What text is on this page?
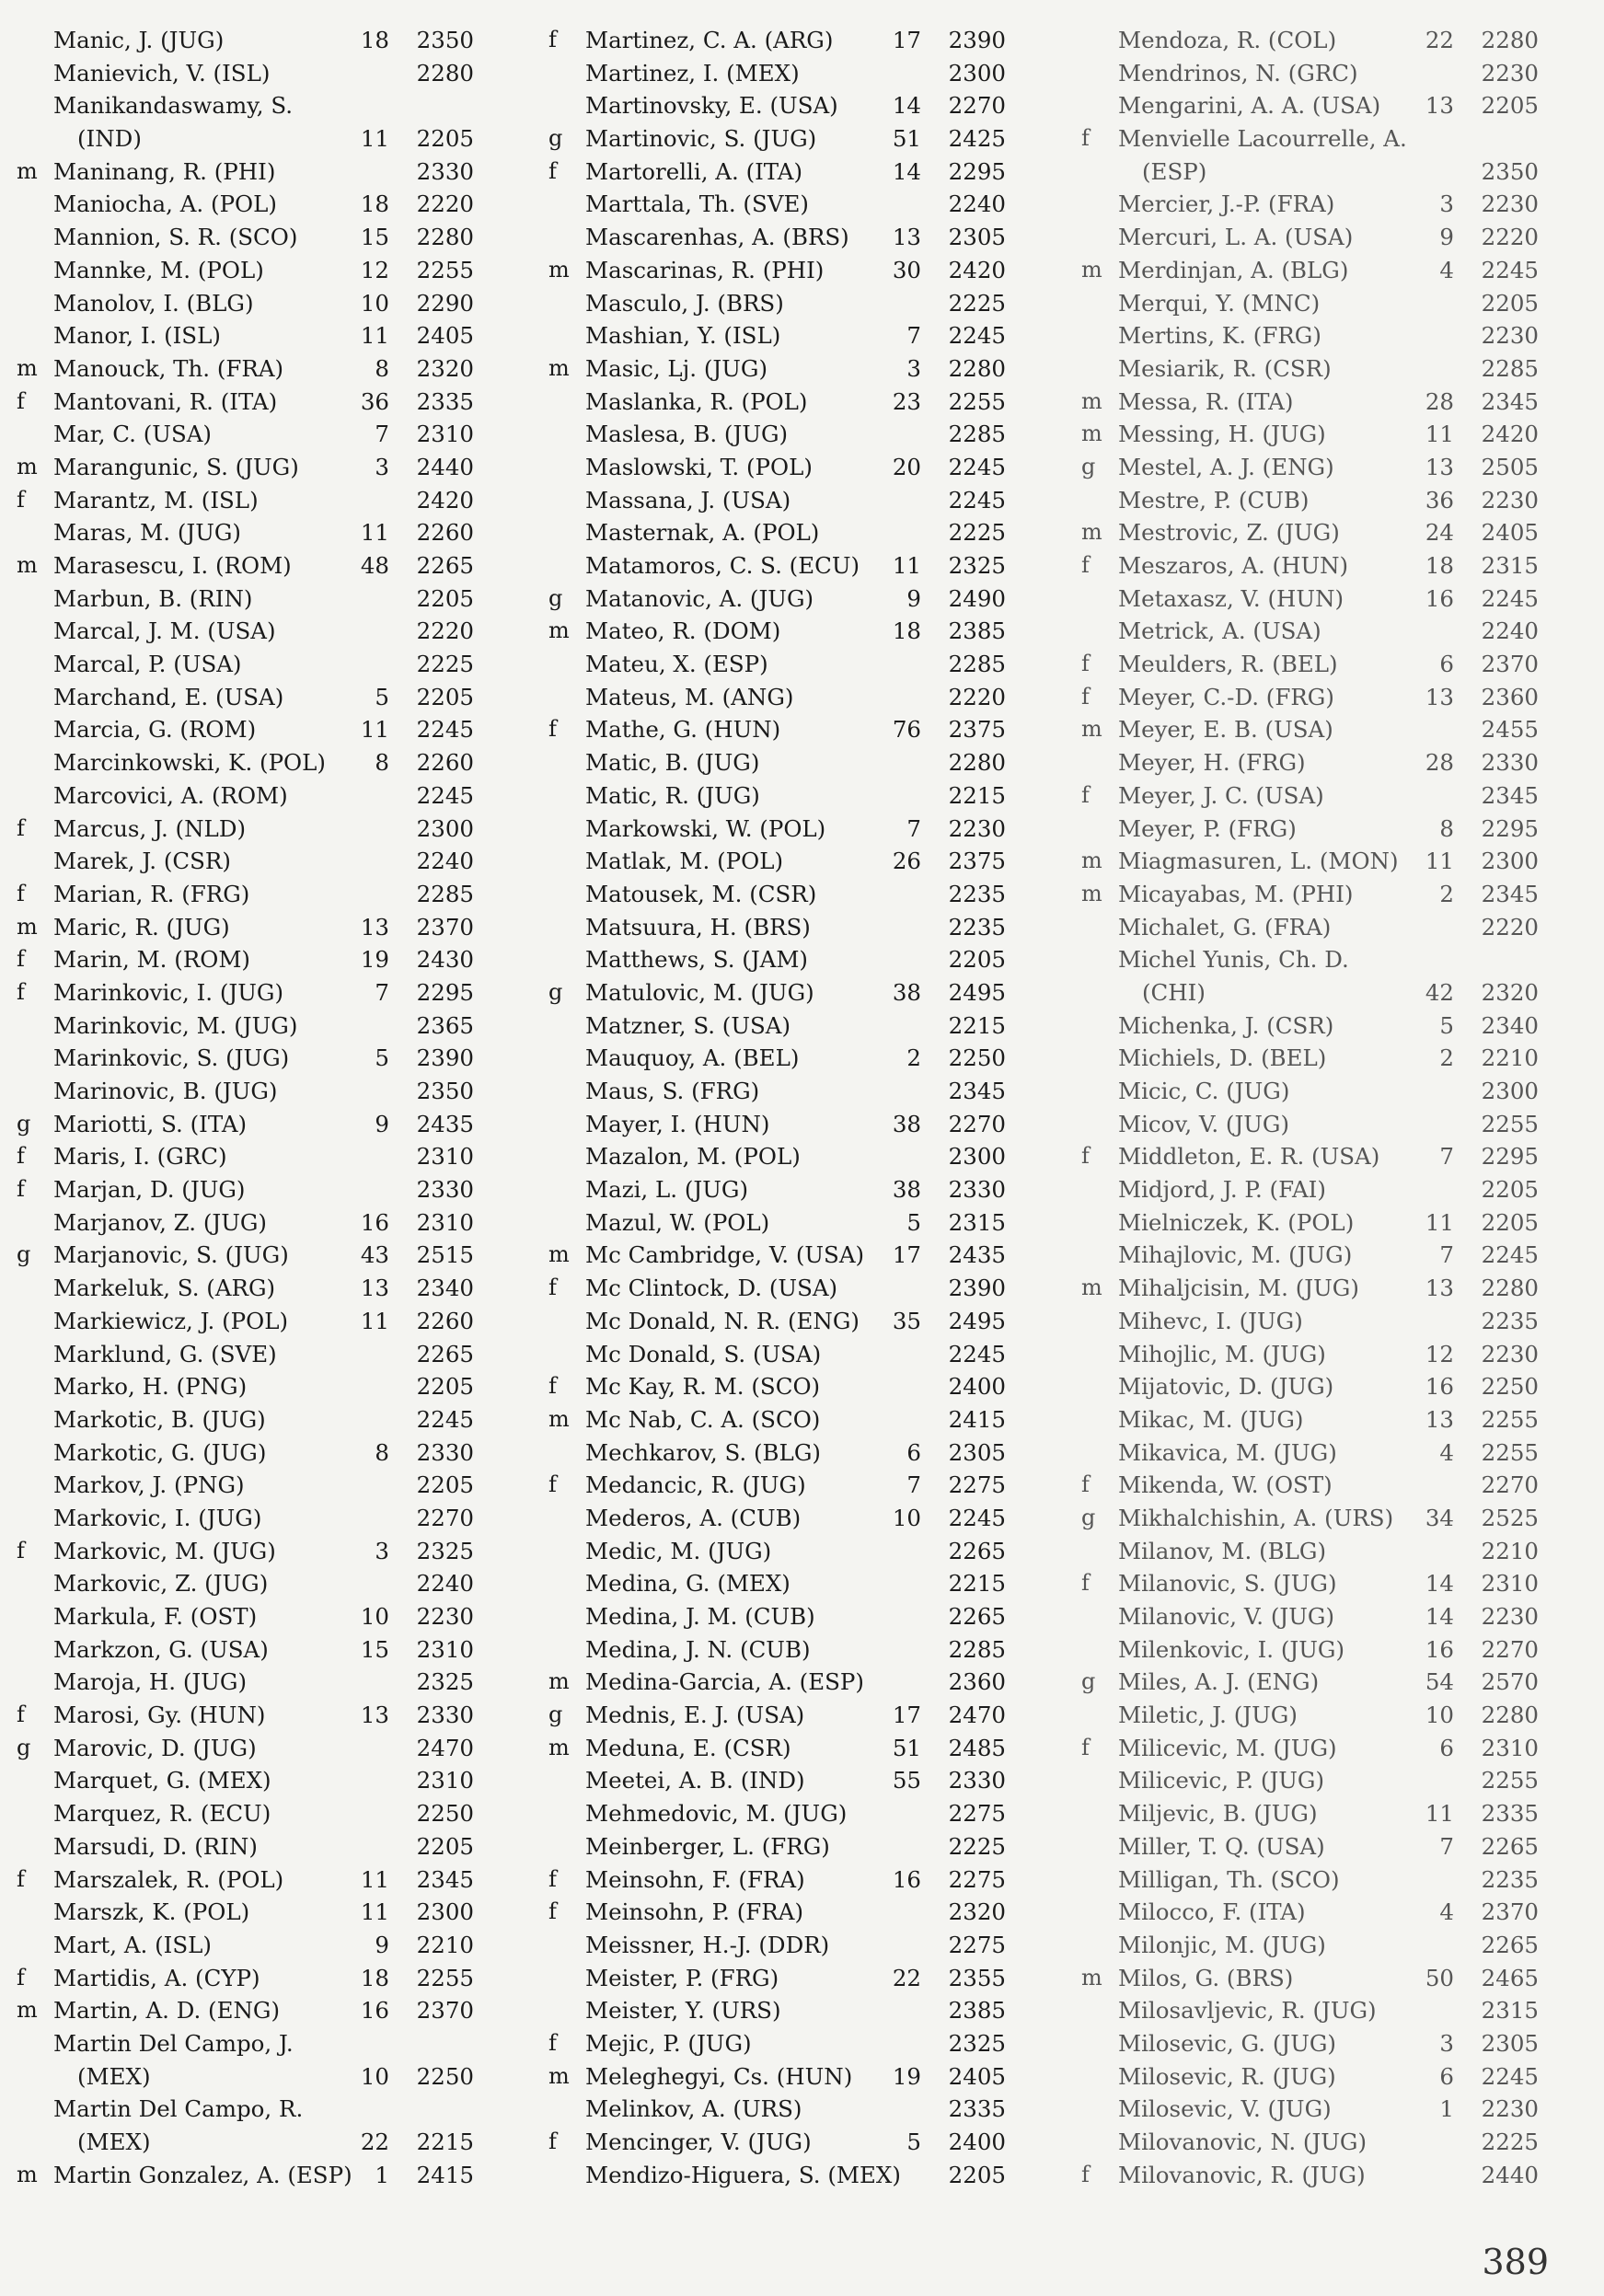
Manic, J. (JUG)	18	2350
Manievich, V. (ISL)	2280
Manikandaswamy, S.
(IND)	11	2205
m Maninang, R. (PHI)	2330
Maniocha, A. (POL)	18	2220
Mannion, S. R. (SCO)	15	2280
Mannke, M. (POL)	12	2255
Manolov, I. (BLG)	10	2290
Manor, I. (ISL)	11	2405
m Manouck, Th. (FRA)	8	2320
f	Mantovani, R. (ITA)	36	2335
Mar, C. (USA)	7	2310
m Marangunic, S. (JUG)	3	2440
f	Marantz, M. (ISL)	2420
Maras, M. (JUG)	11	2260
m Marasescu, I. (ROM)	48	2265
Marbun, B. (RIN)	2205
Marcal, J. M. (USA)	2220
Marcal, P. (USA)	2225
Marchand, E. (USA)	5	2205
Marcia, G. (ROM)	11	2245
Marcinkowski, K. (POL)	8	2260
Marcovici, A. (ROM)	2245
f	Marcus, J. (NLD)	2300
Marek, J. (CSR)	2240
f	Marian, R. (FRG)	2285
m Maric, R. (JUG)	13	2370
f	Marin, M. (ROM)	19	2430
f	Marinkovic, I. (JUG)	7	2295
Marinkovic, M. (JUG)	2365
Marinkovic, S. (JUG)	5	2390
Marinovic, B. (JUG)	2350
g	Mariotti, S. (ITA)	9	2435
f	Maris, I. (GRC)	2310
f	Marjan, D. (JUG)	2330
Marjanov, Z. (JUG)	16	2310
g	Marjanovic, S. (JUG)	43	2515
Markeluk, S. (ARG)	13	2340
Markiewicz, J. (POL)	11	2260
Marklund, G. (SVE)	2265
Marko, H. (PNG)	2205
Markotic, B. (JUG)	2245
Markotic, G. (JUG)	8	2330
Markov, J. (PNG)	2205
Markovic, I. (JUG)	2270
f	Markovic, M. (JUG)	3	2325
Markovic, Z. (JUG)	2240
Markula, F. (OST)	10	2230
Markzon, G. (USA)	15	2310
Maroja, H. (JUG)	2325
f	Marosi, Gy. (HUN)	13	2330
g	Marovic, D. (JUG)	2470
Marquet, G. (MEX)	2310
Marquez, R. (ECU)	2250
Marsudi, D. (RIN)	2205
f	Marszalek, R. (POL)	11	2345
Marszk, K. (POL)	11	2300
Mart, A. (ISL)	9	2210
f	Martidis, A. (CYP)	18	2255
m Martin, A. D. (ENG)	16	2370
Martin Del Campo, J.
(MEX)	10	2250
Martin Del Campo, R.
(MEX)	22	2215
m Martin Gonzalez, A. (ESP)	1	2415
f	Martinez, C. A. (ARG)	17	2390
Martinez, I. (MEX)	2300
Martinovsky, E. (USA)	14	2270
g	Martinovic, S. (JUG)	51	2425
f	Martorelli, A. (ITA)	14	2295
Marttala, Th. (SVE)	2240
Mascarenhas, A. (BRS)	13	2305
m Mascarinas, R. (PHI)	30	2420
Masculo, J. (BRS)	2225
Mashian, Y. (ISL)	7	2245
m Masic, Lj. (JUG)	3	2280
Maslanka, R. (POL)	23	2255
Maslesa, B. (JUG)	2285
Maslowski, T. (POL)	20	2245
Massana, J. (USA)	2245
Masternak, A. (POL)	2225
Matamoros, C. S. (ECU)	11	2325
g	Matanovic, A. (JUG)	9	2490
m Mateo, R. (DOM)	18	2385
Mateu, X. (ESP)	2285
Mateus, M. (ANG)	2220
f	Mathe, G. (HUN)	76	2375
Matic, B. (JUG)	2280
Matic, R. (JUG)	2215
Markowski, W. (POL)	7	2230
Matlak, M. (POL)	26	2375
Matousek, M. (CSR)	2235
Matsuura, H. (BRS)	2235
Matthews, S. (JAM)	2205
g	Matulovic, M. (JUG)	38	2495
Matzner, S. (USA)	2215
Mauquoy, A. (BEL)	2	2250
Maus, S. (FRG)	2345
Mayer, I. (HUN)	38	2270
Mazalon, M. (POL)	2300
Mazi, L. (JUG)	38	2330
Mazul, W. (POL)	5	2315
m Mc Cambridge, V. (USA)	17	2435
f	Mc Clintock, D. (USA)	2390
Mc Donald, N. R. (ENG)	35	2495
Mc Donald, S. (USA)	2245
f	Mc Kay, R. M. (SCO)	2400
m Mc Nab, C. A. (SCO)	2415
Mechkarov, S. (BLG)	6	2305
f	Medancic, R. (JUG)	7	2275
Mederos, A. (CUB)	10	2245
Medic, M. (JUG)	2265
Medina, G. (MEX)	2215
Medina, J. M. (CUB)	2265
Medina, J. N. (CUB)	2285
m Medina-Garcia, A. (ESP)	2360
g	Mednis, E. J. (USA)	17	2470
m Meduna, E. (CSR)	51	2485
Meetei, A. B. (IND)	55	2330
Mehmedovic, M. (JUG)	2275
Meinberger, L. (FRG)	2225
f	Meinsohn, F. (FRA)	16	2275
f	Meinsohn, P. (FRA)	2320
Meissner, H.-J. (DDR)	2275
Meister, P. (FRG)	22	2355
Meister, Y. (URS)	2385
f	Mejic, P. (JUG)	2325
m Meleghegyi, Cs. (HUN)	19	2405
Melinkov, A. (URS)	2335
f	Mencinger, V. (JUG)	5	2400
Mendizo-Higuera, S. (MEX)	2205
Mendoza, R. (COL)	22	2280
Mendrinos, N. (GRC)	2230
Mengarini, A. A. (USA)	13	2205
f	Menvielle Lacourrelle, A.
(ESP)	2350
Mercier, J.-P. (FRA)	3	2230
Mercuri, L. A. (USA)	9	2220
m Merdinjan, A. (BLG)	4	2245
Merqui, Y. (MNC)	2205
Mertins, K. (FRG)	2230
Mesiarik, R. (CSR)	2285
m Messa, R. (ITA)	28	2345
m Messing, H. (JUG)	11	2420
g	Mestel, A. J. (ENG)	13	2505
Mestre, P. (CUB)	36	2230
m Mestrovic, Z. (JUG)	24	2405
f	Meszaros, A. (HUN)	18	2315
Metaxasz, V. (HUN)	16	2245
Metrick, A. (USA)	2240
f	Meulders, R. (BEL)	6	2370
f	Meyer, C.-D. (FRG)	13	2360
m Meyer, E. B. (USA)	2455
Meyer, H. (FRG)	28	2330
f	Meyer, J. C. (USA)	2345
Meyer, P. (FRG)	8	2295
m Miagmasuren, L. (MON)	11	2300
m Micayabas, M. (PHI)	2	2345
Michalet, G. (FRA)	2220
Michel Yunis, Ch. D.
(CHI)	42	2320
Michenka, J. (CSR)	5	2340
Michiels, D. (BEL)	2	2210
Micic, C. (JUG)	2300
Micov, V. (JUG)	2255
f	Middleton, E. R. (USA)	7	2295
Midjord, J. P. (FAI)	2205
Mielniczek, K. (POL)	11	2205
Mihajlovic, M. (JUG)	7	2245
m Mihaljcisin, M. (JUG)	13	2280
Mihevc, I. (JUG)	2235
Mihojlic, M. (JUG)	12	2230
Mijatovic, D. (JUG)	16	2250
Mikac, M. (JUG)	13	2255
Mikavica, M. (JUG)	4	2255
f	Mikenda, W. (OST)	2270
g	Mikhalchishin, A. (URS)	34	2525
Milanov, M. (BLG)	2210
f	Milanovic, S. (JUG)	14	2310
Milanovic, V. (JUG)	14	2230
Milenkovic, I. (JUG)	16	2270
g	Miles, A. J. (ENG)	54	2570
Miletic, J. (JUG)	10	2280
f	Milicevic, M. (JUG)	6	2310
Milicevic, P. (JUG)	2255
Miljevic, B. (JUG)	11	2335
Miller, T. Q. (USA)	7	2265
Milligan, Th. (SCO)	2235
Milocco, F. (ITA)	4	2370
Milonjic, M. (JUG)	2265
m Milos, G. (BRS)	50	2465
Milosavljevic, R. (JUG)	2315
Milosevic, G. (JUG)	3	2305
Milosevic, R. (JUG)	6	2245
Milosevic, V. (JUG)	1	2230
Milovanovic, N. (JUG)	2225
f	Milovanovic, R. (JUG)	2440
389
